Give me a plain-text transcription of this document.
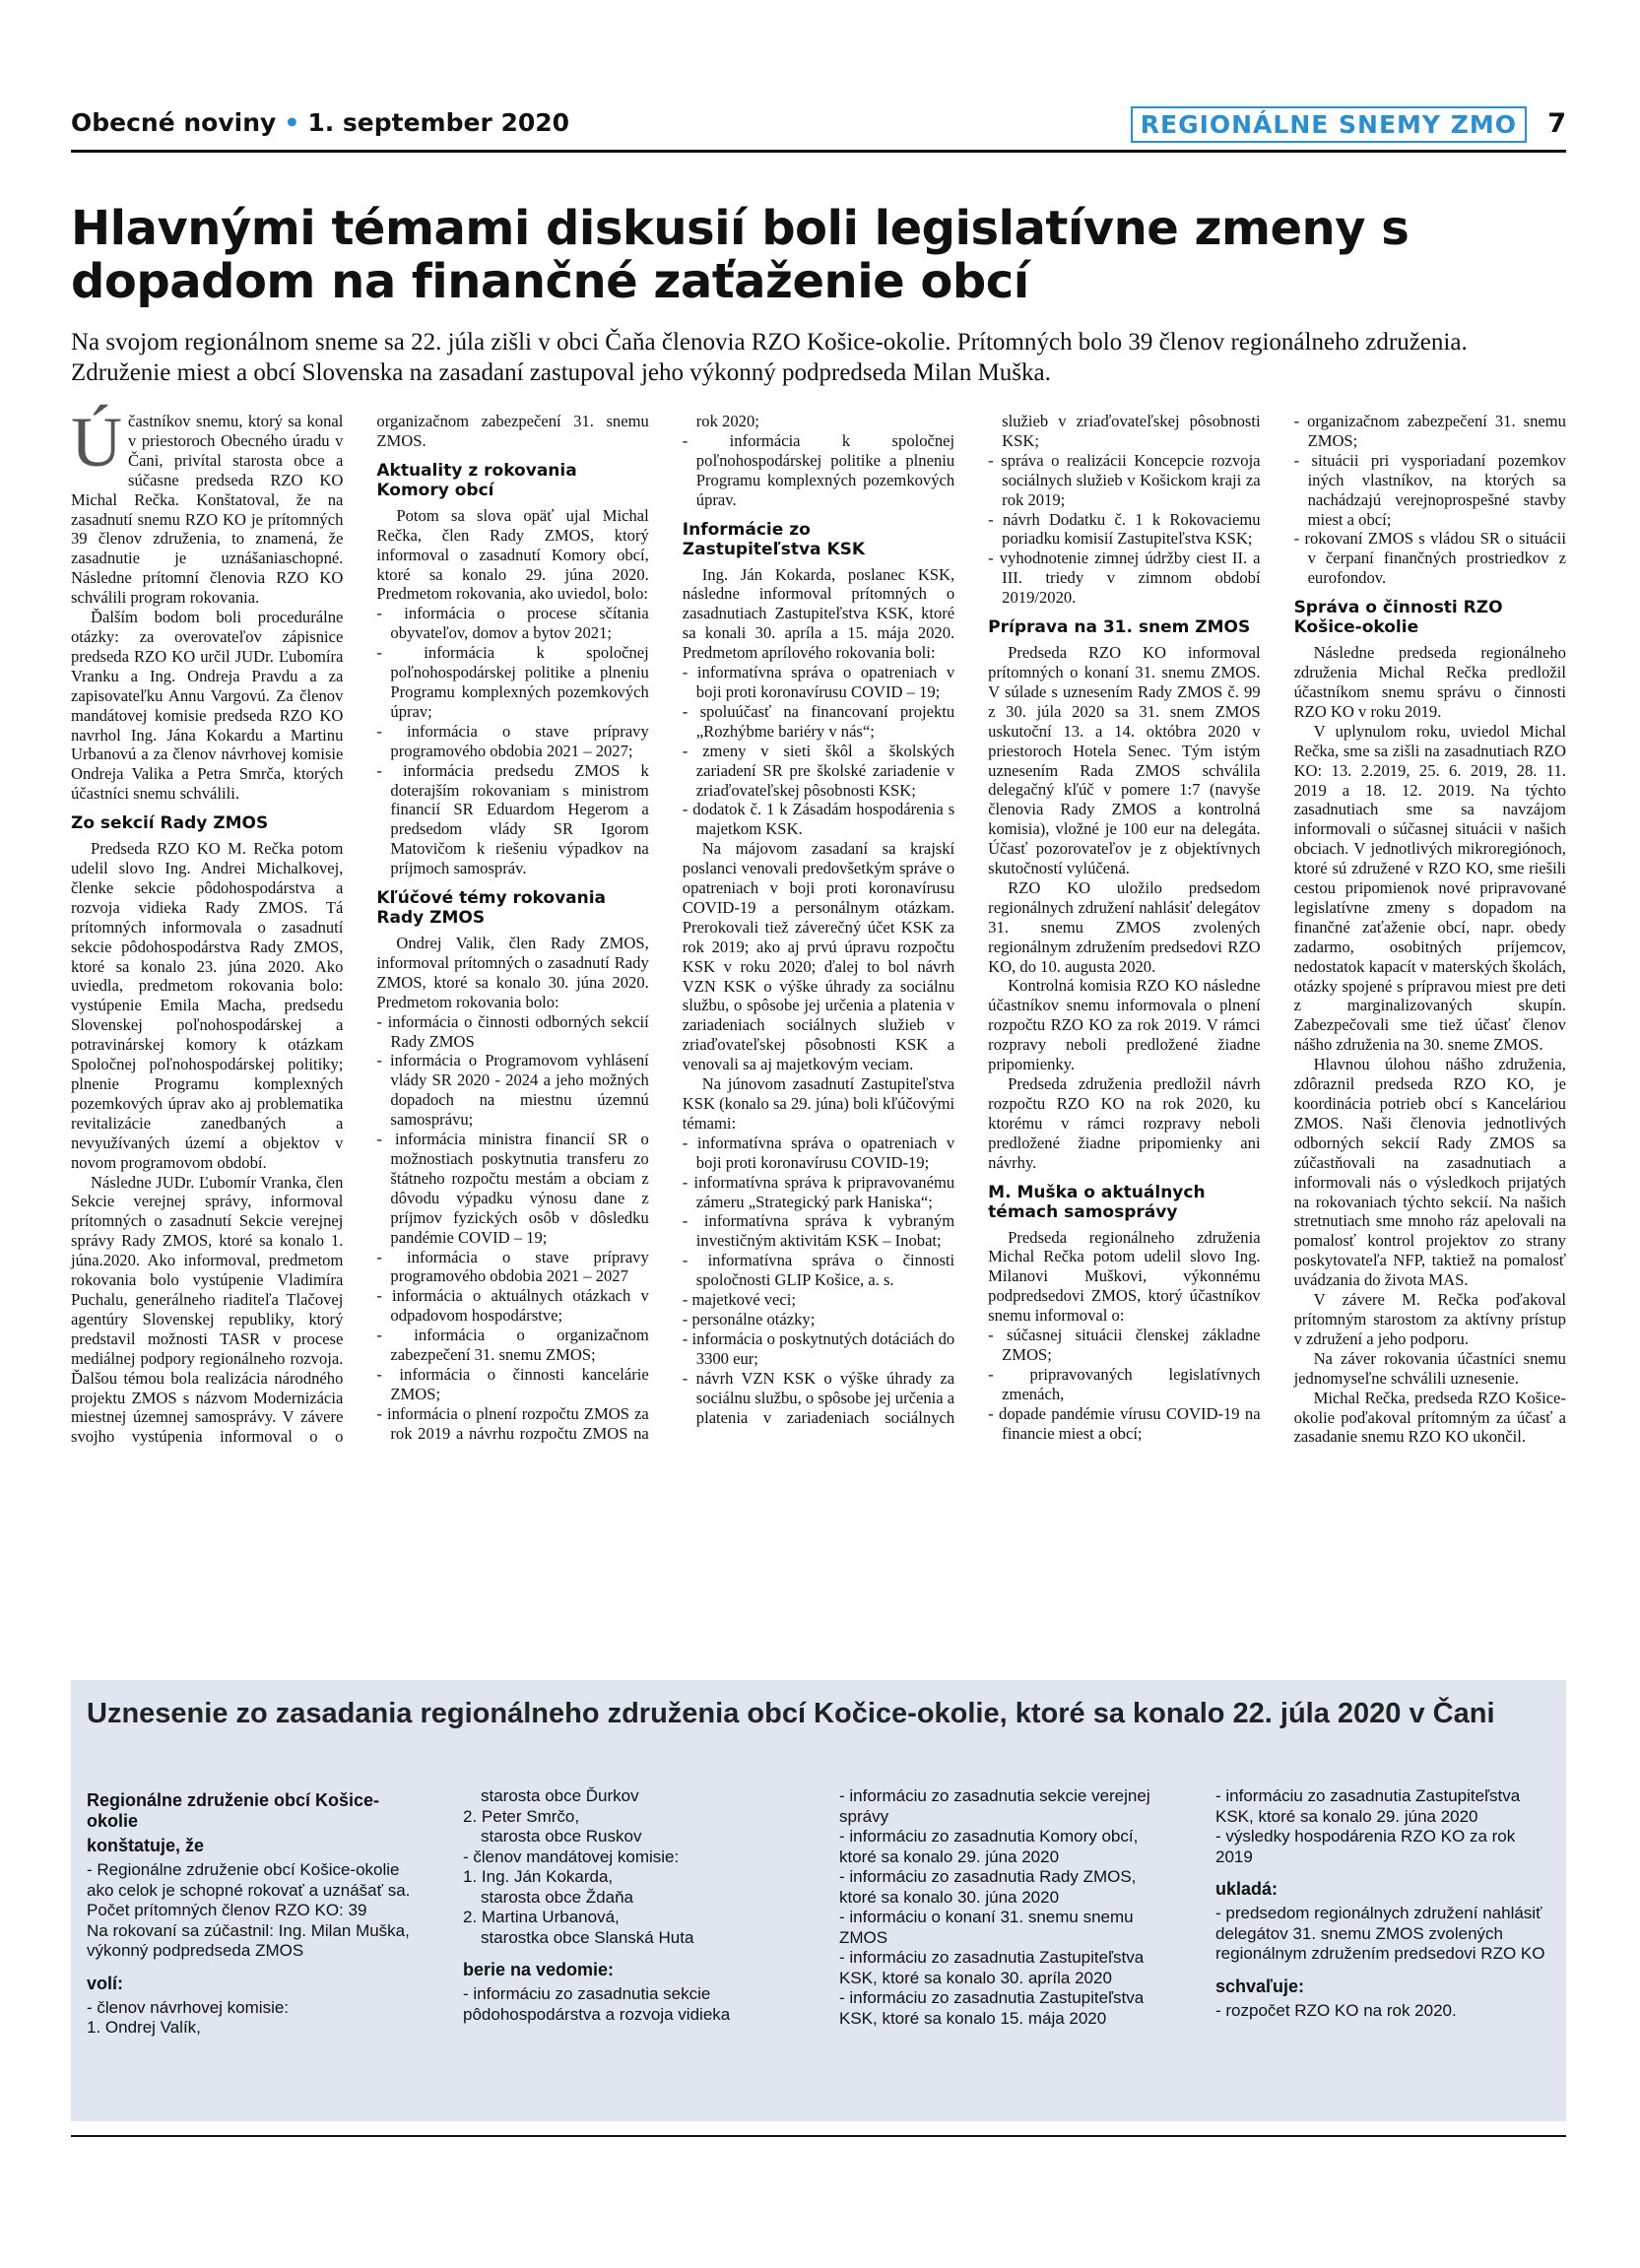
Obecné noviny • 1. september 2020	REGIONÁLNE SNEMY ZMO	7
Hlavnými témami diskusií boli legislatívne zmeny s dopadom na finančné zaťaženie obcí

Na svojom regionálnom sneme sa 22. júla zišli v obci Čaňa členovia RZO Košice-okolie. Prítomných bolo 39 členov regionálneho združenia. Združenie miest a obcí Slovenska na zasadaní zastupoval jeho výkonný podpredseda Milan Muška.

Účastníkov snemu, ktorý sa konal v priestoroch Obecného úradu v Čani, privítal starosta obce a súčasne predseda RZO KO Michal Rečka. Konštatoval, že na zasadnutí snemu RZO KO je prítomných 39 členov združenia, to znamená, že zasadnutie je uznášaniaschopné. Následne prítomní členovia RZO KO schválili program rokovania.

Ďalším bodom boli procedurálne otázky: za overovateľov zápisnice predseda RZO KO určil JUDr. Ľubomíra Vranku a Ing. Ondreja Pravdu a za zapisovateľku Annu Vargovú. Za členov mandátovej komisie predseda RZO KO navrhol Ing. Jána Kokardu a Martinu Urbanovú a za členov návrhovej komisie Ondreja Valika a Petra Smrča, ktorých účastníci snemu schválili.

Zo sekcií Rady ZMOS

Predseda RZO KO M. Rečka potom udelil slovo Ing. Andrei Michalkovej, členke sekcie pôdohospodárstva a rozvoja vidieka Rady ZMOS. Tá prítomných informovala o zasadnutí sekcie pôdohospodárstva Rady ZMOS, ktoré sa konalo 23. júna 2020. Ako uviedla, predmetom rokovania bolo: vystúpenie Emila Macha, predsedu Slovenskej poľnohospodárskej a potravinárskej komory k otázkam Spoločnej poľnohospodárskej politiky; plnenie Programu komplexných pozemkových úprav ako aj problematika revitalizácie zanedbaných a nevyužívaných území a objektov v novom programovom období.

Následne JUDr. Ľubomír Vranka, člen Sekcie verejnej správy, informoval prítomných o zasadnutí Sekcie verejnej správy Rady ZMOS, ktoré sa konalo 1. júna.2020. Ako informoval, predmetom rokovania bolo vystúpenie Vladimíra Puchalu, generálneho riaditeľa Tlačovej agentúry Slovenskej republiky, ktorý predstavil možnosti TASR v procese mediálnej podpory regionálneho rozvoja. Ďalšou témou bola realizácia národného projektu ZMOS s názvom Modernizácia miestnej územnej samosprávy. V závere svojho vystúpenia informoval o o organizačnom zabezpečení 31. snemu ZMOS.

Aktuality z rokovania Komory obcí

Potom sa slova opäť ujal Michal Rečka, člen Rady ZMOS, ktorý informoval o zasadnutí Komory obcí, ktoré sa konalo 29. júna 2020. Predmetom rokovania, ako uviedol, bolo:

- informácia o procese sčítania obyvateľov, domov a bytov 2021;
- informácia k spoločnej poľnohospodárskej politike a plneniu Programu komplexných pozemkových úprav;
- informácia o stave prípravy programového obdobia 2021 – 2027;
- informácia predsedu ZMOS k doterajším rokovaniam s ministrom financií SR Eduardom Hegerom a predsedom vlády SR Igorom Matovičom k riešeniu výpadkov na príjmoch samospráv.
Kľúčové témy rokovania Rady ZMOS

Ondrej Valik, člen Rady ZMOS, informoval prítomných o zasadnutí Rady ZMOS, ktoré sa konalo 30. júna 2020. Predmetom rokovania bolo:

- informácia o činnosti odborných sekcií Rady ZMOS
- informácia o Programovom vyhlásení vlády SR 2020 - 2024 a jeho možných dopadoch na miestnu územnú samosprávu;
- informácia ministra financií SR o možnostiach poskytnutia transferu zo štátneho rozpočtu mestám a obciam z dôvodu výpadku výnosu dane z príjmov fyzických osôb v dôsledku pandémie COVID – 19;
- informácia o stave prípravy programového obdobia 2021 – 2027
- informácia o aktuálnych otázkach v odpadovom hospodárstve;
- informácia o organizačnom zabezpečení 31. snemu ZMOS;
- informácia o činnosti kancelárie ZMOS;
- informácia o plnení rozpočtu ZMOS za rok 2019 a návrhu rozpočtu ZMOS na rok 2020;
- informácia k spoločnej poľnohospodárskej politike a plneniu Programu komplexných pozemkových úprav.
Informácie zo Zastupiteľstva KSK

Ing. Ján Kokarda, poslanec KSK, následne informoval prítomných o zasadnutiach Zastupiteľstva KSK, ktoré sa konali 30. apríla a 15. mája 2020. Predmetom aprílového rokovania boli:

- informatívna správa o opatreniach v boji proti koronavírusu COVID – 19;
- spoluúčasť na financovaní projektu „Rozhýbme bariéry v nás“;
- zmeny v sieti škôl a školských zariadení SR pre školské zariadenie v zriaďovateľskej pôsobnosti KSK;
- dodatok č. 1 k Zásadám hospodárenia s majetkom KSK.

Na májovom zasadaní sa krajskí poslanci venovali predovšetkým správe o opatreniach v boji proti koronavírusu COVID-19 a personálnym otázkam. Prerokovali tiež záverečný účet KSK za rok 2019; ako aj prvú úpravu rozpočtu KSK v roku 2020; ďalej to bol návrh VZN KSK o výške úhrady za sociálnu službu, o spôsobe jej určenia a platenia v zariadeniach sociálnych služieb v zriaďovateľskej pôsobnosti KSK a venovali sa aj majetkovým veciam.

Na júnovom zasadnutí Zastupiteľstva KSK (konalo sa 29. júna) boli kľúčovými témami:

- informatívna správa o opatreniach v boji proti koronavírusu COVID-19;
- informatívna správa k pripravovanému zámeru „Strategický park Haniska“;
- informatívna správa k vybraným investičným aktivitám KSK – Inobat;
- informatívna správa o činnosti spoločnosti GLIP Košice, a. s.
- majetkové veci;
- personálne otázky;
- informácia o poskytnutých dotáciách do 3300 eur;
- návrh VZN KSK o výške úhrady za sociálnu službu, o spôsobe jej určenia a platenia v zariadeniach sociálnych služieb v zriaďovateľskej pôsobnosti KSK;
- správa o realizácii Koncepcie rozvoja sociálnych služieb v Košickom kraji za rok 2019;
- návrh Dodatku č. 1 k Rokovaciemu poriadku komisií Zastupiteľstva KSK;
- vyhodnotenie zimnej údržby ciest II. a III. triedy v zimnom období 2019/2020.
Príprava na 31. snem ZMOS

Predseda RZO KO informoval prítomných o konaní 31. snemu ZMOS. V súlade s uznesením Rady ZMOS č. 99 z 30. júla 2020 sa 31. snem ZMOS uskutoční 13. a 14. októbra 2020 v priestoroch Hotela Senec. Tým istým uznesením Rada ZMOS schválila delegačný kľúč v pomere 1:7 (navyše členovia Rady ZMOS a kontrolná komisia), vložné je 100 eur na delegáta. Účasť pozorovateľov je z objektívnych skutočností vylúčená.

RZO KO uložilo predsedom regionálnych združení nahlásiť delegátov 31. snemu ZMOS zvolených regionálnym združením predsedovi RZO KO, do 10. augusta 2020.

Kontrolná komisia RZO KO následne účastníkov snemu informovala o plnení rozpočtu RZO KO za rok 2019. V rámci rozpravy neboli predložené žiadne pripomienky.

Predseda združenia predložil návrh rozpočtu RZO KO na rok 2020, ku ktorému v rámci rozpravy neboli predložené žiadne pripomienky ani návrhy.

M. Muška o aktuálnych témach samosprávy

Predseda regionálneho združenia Michal Rečka potom udelil slovo Ing. Milanovi Muškovi, výkonnému podpredsedovi ZMOS, ktorý účastníkov snemu informoval o:

- súčasnej situácii členskej základne ZMOS;
- pripravovaných legislatívnych zmenách,
- dopade pandémie vírusu COVID-19 na financie miest a obcí;
- organizačnom zabezpečení 31. snemu ZMOS;
- situácii pri vysporiadaní pozemkov iných vlastníkov, na ktorých sa nachádzajú verejnoprospešné stavby miest a obcí;
- rokovaní ZMOS s vládou SR o situácii v čerpaní finančných prostriedkov z eurofondov.
Správa o činnosti RZO Košice-okolie

Následne predseda regionálneho združenia Michal Rečka predložil účastníkom snemu správu o činnosti RZO KO v roku 2019.

V uplynulom roku, uviedol Michal Rečka, sme sa zišli na zasadnutiach RZO KO: 13. 2.2019, 25. 6. 2019, 28. 11. 2019 a 18. 12. 2019. Na týchto zasadnutiach sme sa navzájom informovali o súčasnej situácii v našich obciach. V jednotlivých mikroregiónoch, ktoré sú združené v RZO KO, sme riešili cestou pripomienok nové pripravované legislatívne zmeny s dopadom na finančné zaťaženie obcí, napr. obedy zadarmo, osobitných príjemcov, nedostatok kapacít v materských školách, otázky spojené s prípravou miest pre deti z marginalizovaných skupín. Zabezpečovali sme tiež účasť členov nášho združenia na 30. sneme ZMOS.

Hlavnou úlohou nášho združenia, zdôraznil predseda RZO KO, je koordinácia potrieb obcí s Kanceláriou ZMOS. Naši členovia jednotlivých odborných sekcií Rady ZMOS sa zúčastňovali na zasadnutiach a informovali nás o výsledkoch prijatých na rokovaniach týchto sekcií. Na našich stretnutiach sme mnoho ráz apelovali na pomalosť kontrol projektov zo strany poskytovateľa NFP, taktiež na pomalosť uvádzania do života MAS.

V závere M. Rečka poďakoval prítomným starostom za aktívny prístup v združení a jeho podporu.

Na záver rokovania účastníci snemu jednomyseľne schválili uznesenie.

Michal Rečka, predseda RZO Košice-okolie poďakoval prítomným za účasť a zasadanie snemu RZO KO ukončil.

Uznesenie zo zasadania regionálneho združenia obcí Kočice-okolie, ktoré sa konalo 22. júla 2020 v Čani
Regionálne združenie obcí Košice-okolie
konštatuje, že

- Regionálne združenie obcí Košice-okolie ako celok je schopné rokovať a uznášať sa.

Počet prítomných členov RZO KO: 39

Na rokovaní sa zúčastnil: Ing. Milan Muška, výkonný podpredseda ZMOS

volí:

- členov návrhovej komisie:

1. Ondrej Valík,

starosta obce Ďurkov

2. Peter Smrčo,

starosta obce Ruskov

- členov mandátovej komisie:

1. Ing. Ján Kokarda,

starosta obce Ždaňa

2. Martina Urbanová,

starostka obce Slanská Huta

berie na vedomie:

- informáciu zo zasadnutia sekcie pôdohospodárstva a rozvoja vidieka

- informáciu zo zasadnutia sekcie verejnej správy

- informáciu zo zasadnutia Komory obcí, ktoré sa konalo 29. júna 2020

- informáciu zo zasadnutia Rady ZMOS, ktoré sa konalo 30. júna 2020

- informáciu o konaní 31. snemu snemu ZMOS

- informáciu zo zasadnutia Zastupiteľstva KSK, ktoré sa konalo 30. apríla 2020

- informáciu zo zasadnutia Zastupiteľstva KSK, ktoré sa konalo 15. mája 2020

- informáciu zo zasadnutia Zastupiteľstva KSK, ktoré sa konalo 29. júna 2020

- výsledky hospodárenia RZO KO za rok 2019

ukladá:

- predsedom regionálnych združení nahlásiť delegátov 31. snemu ZMOS zvolených regionálnym združením predsedovi RZO KO

schvaľuje:

- rozpočet RZO KO na rok 2020.
